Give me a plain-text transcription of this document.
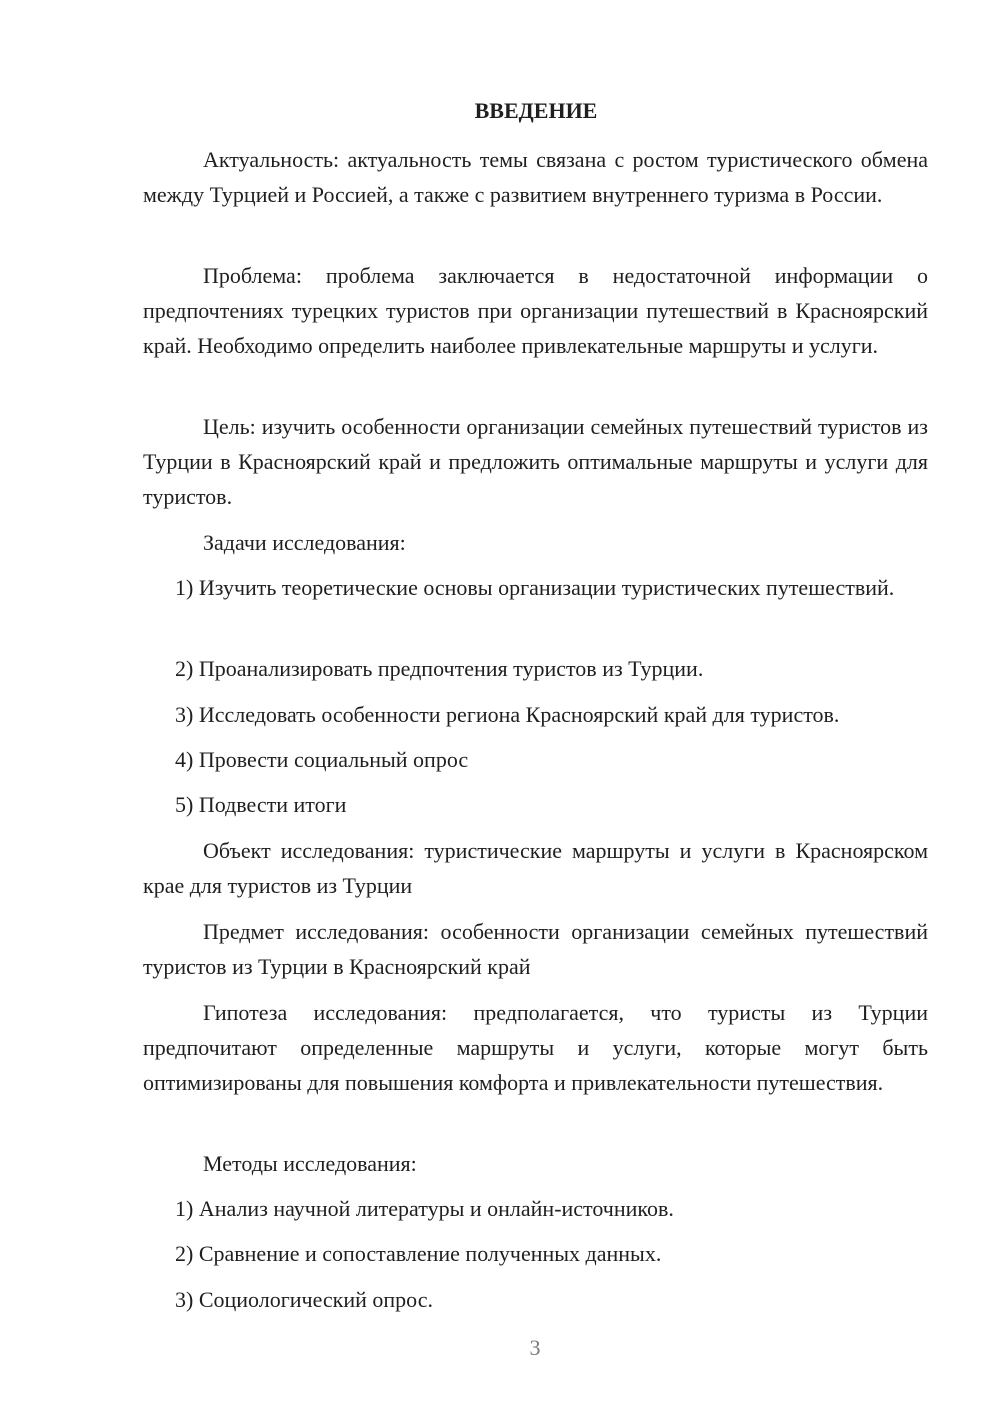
ВВЕДЕНИЕ
Актуальность: актуальность темы связана с ростом туристического обмена между Турцией и Россией, а также с развитием внутреннего туризма в России.
Проблема: проблема заключается в недостаточной информации о предпочтениях турецких туристов при организации путешествий в Красноярский край. Необходимо определить наиболее привлекательные маршруты и услуги.
Цель: изучить особенности организации семейных путешествий туристов из Турции в Красноярский край и предложить оптимальные маршруты и услуги для туристов.
Задачи исследования:
1) Изучить теоретические основы организации туристических путешествий.
2) Проанализировать предпочтения туристов из Турции.
3) Исследовать особенности региона Красноярский край для туристов.
4) Провести социальный опрос
5) Подвести итоги
Объект исследования: туристические маршруты и услуги в Красноярском крае для туристов из Турции
Предмет исследования: особенности организации семейных путешествий туристов из Турции в Красноярский край
Гипотеза исследования: предполагается, что туристы из Турции предпочитают определенные маршруты и услуги, которые могут быть оптимизированы для повышения комфорта и привлекательности путешествия.
Методы исследования:
1) Анализ научной литературы и онлайн-источников.
2) Сравнение и сопоставление полученных данных.
3) Социологический опрос.
3
